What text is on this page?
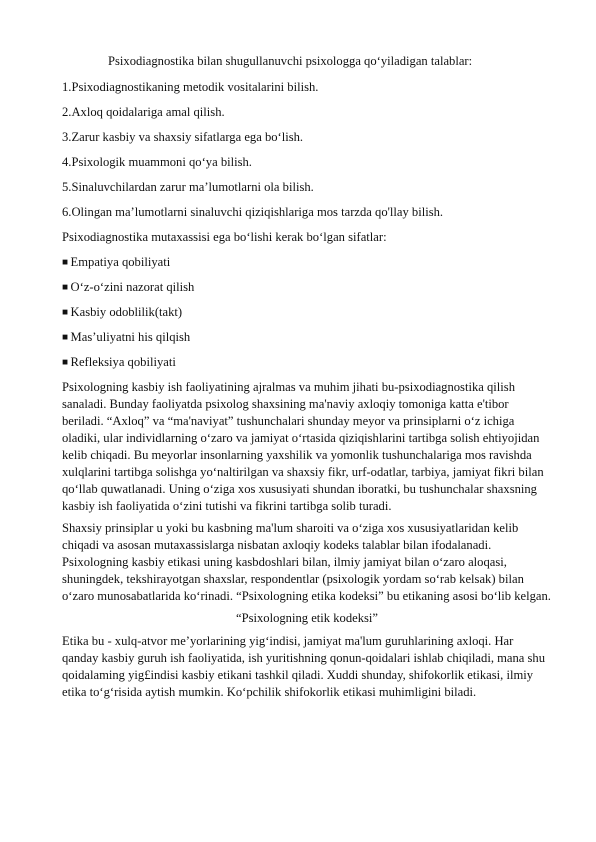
Psixodiagnostika bilan shugullanuvchi psixologga qo‘yiladigan talablar:

1.Psixodiagnostikaning metodik vositalarini bilish.

2.Axloq qoidalariga amal qilish.

3.Zarur kasbiy va shaxsiy sifatlarga ega bo‘lish.

4.Psixologik muammoni qo‘ya bilish.

5.Sinaluvchilardan zarur ma’lumotlarni ola bilish.

6.Olingan ma’lumotlarni sinaluvchi qiziqishlariga mos tarzda qo'llay bilish.

Psixodiagnostika mutaxassisi ega bo‘lishi kerak bo‘lgan sifatlar:

■ Empatiya qobiliyati

■ O‘z-o‘zini nazorat qilish

■ Kasbiy odoblilik(takt)

■ Mas’uliyatni his qilqish

■ Refleksiya qobiliyati

Psixologning kasbiy ish faoliyatining ajralmas va muhim jihati bu-psixodiagnostika qilish sanaladi. Bunday faoliyatda psixolog shaxsining ma'naviy axloqiy tomoniga katta e'tibor beriladi. “Axloq” va “ma'naviyat” tushunchalari shunday meyor va prinsiplarni o‘z ichiga oladiki, ular individlarning o‘zaro va jamiyat o‘rtasida qiziqishlarini tartibga solish ehtiyojidan kelib chiqadi. Bu meyorlar insonlarning yaxshilik va yomonlik tushunchalariga mos ravishda xulqlarini tartibga solishga yo‘naltirilgan va shaxsiy fikr, urf-odatlar, tarbiya, jamiyat fikri bilan qo‘llab quwatlanadi. Uning o‘ziga xos xususiyati shundan iboratki, bu tushunchalar shaxsning kasbiy ish faoliyatida o‘zini tutishi va fikrini tartibga solib turadi.

Shaxsiy prinsiplar u yoki bu kasbning ma'lum sharoiti va o‘ziga xos xususiyatlaridan kelib chiqadi va asosan mutaxassislarga nisbatan axloqiy kodeks talablar bilan ifodalanadi. Psixologning kasbiy etikasi uning kasbdoshlari bilan, ilmiy jamiyat bilan o‘zaro aloqasi, shuningdek, tekshirayotgan shaxslar, respondentlar (psixologik yordam so‘rab kelsak) bilan o‘zaro munosabatlarida ko‘rinadi. “Psixologning etika kodeksi” bu etikaning asosi bo‘lib kelgan.

“Psixologning etik kodeksi”

Etika bu - xulq-atvor me’yorlarining yig‘indisi, jamiyat ma'lum guruhlarining axloqi. Har qanday kasbiy guruh ish faoliyatida, ish yuritishning qonun-qoidalari ishlab chiqiladi, mana shu qoidalaming yig£indisi kasbiy etikani tashkil qiladi. Xuddi shunday, shifokorlik etikasi, ilmiy etika to‘g‘risida aytish mumkin. Ko‘pchilik shifokorlik etikasi muhimligini biladi.
